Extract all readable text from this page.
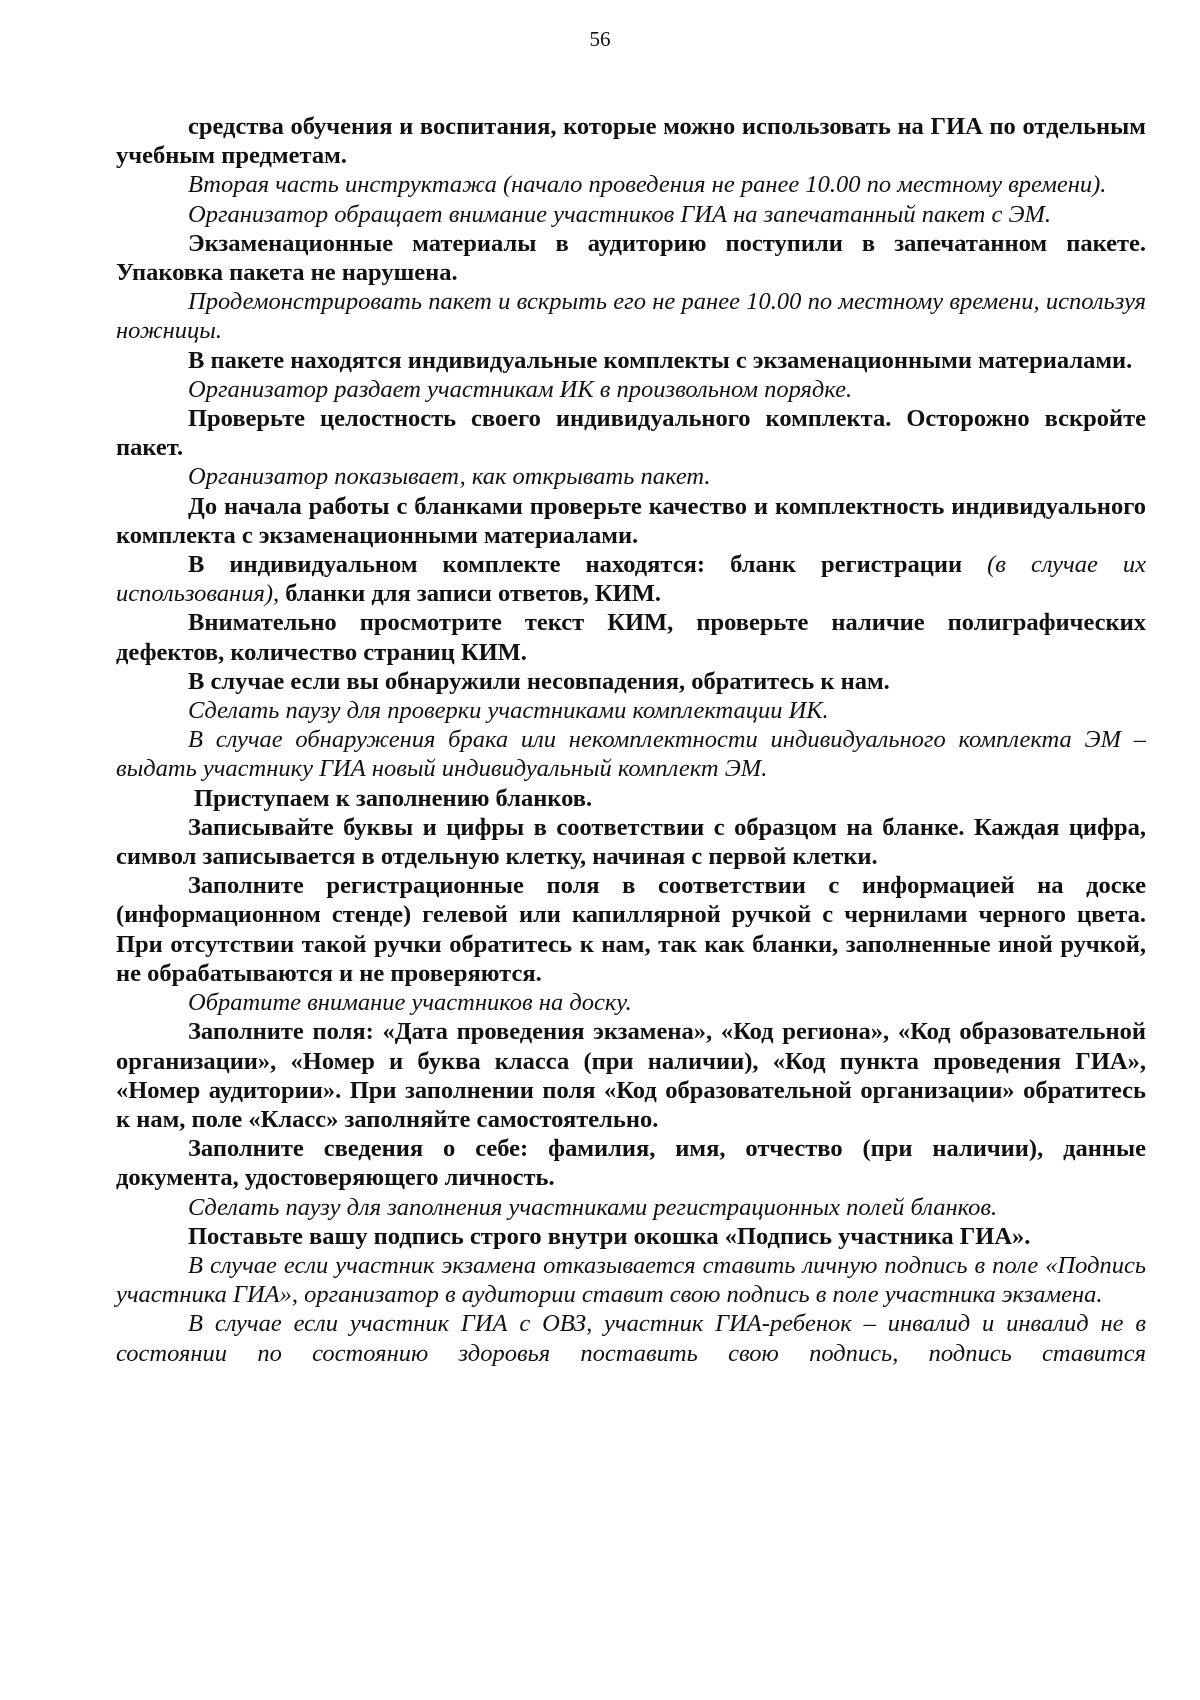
56

средства обучения и воспитания, которые можно использовать на ГИА по отдельным учебным предметам.

Вторая часть инструктажа (начало проведения не ранее 10.00 по местному времени).

Организатор обращает внимание участников ГИА на запечатанный пакет с ЭМ.

Экзаменационные материалы в аудиторию поступили в запечатанном пакете. Упаковка пакета не нарушена.

Продемонстрировать пакет и вскрыть его не ранее 10.00 по местному времени, используя ножницы.

В пакете находятся индивидуальные комплекты с экзаменационными материалами.

Организатор раздает участникам ИК в произвольном порядке.

Проверьте целостность своего индивидуального комплекта. Осторожно вскройте пакет.

Организатор показывает, как открывать пакет.

До начала работы с бланками проверьте качество и комплектность индивидуального комплекта с экзаменационными материалами.

В индивидуальном комплекте находятся: бланк регистрации (в случае их использования), бланки для записи ответов, КИМ.

Внимательно просмотрите текст КИМ, проверьте наличие полиграфических дефектов, количество страниц КИМ.

В случае если вы обнаружили несовпадения, обратитесь к нам.

Сделать паузу для проверки участниками комплектации ИК.

В случае обнаружения брака или некомплектности индивидуального комплекта ЭМ – выдать участнику ГИА новый индивидуальный комплект ЭМ.

Приступаем к заполнению бланков.

Записывайте буквы и цифры в соответствии с образцом на бланке. Каждая цифра, символ записывается в отдельную клетку, начиная с первой клетки.

Заполните регистрационные поля в соответствии с информацией на доске (информационном стенде) гелевой или капиллярной ручкой с чернилами черного цвета. При отсутствии такой ручки обратитесь к нам, так как бланки, заполненные иной ручкой, не обрабатываются и не проверяются.

Обратите внимание участников на доску.

Заполните поля: «Дата проведения экзамена», «Код региона», «Код образовательной организации», «Номер и буква класса (при наличии), «Код пункта проведения ГИА», «Номер аудитории». При заполнении поля «Код образовательной организации» обратитесь к нам, поле «Класс» заполняйте самостоятельно.

Заполните сведения о себе: фамилия, имя, отчество (при наличии), данные документа, удостоверяющего личность.

Сделать паузу для заполнения участниками регистрационных полей бланков.

Поставьте вашу подпись строго внутри окошка «Подпись участника ГИА».

В случае если участник экзамена отказывается ставить личную подпись в поле «Подпись участника ГИА», организатор в аудитории ставит свою подпись в поле участника экзамена.

В случае если участник ГИА с ОВЗ, участник ГИА-ребенок – инвалид и инвалид не в состоянии по состоянию здоровья поставить свою подпись, подпись ставится
